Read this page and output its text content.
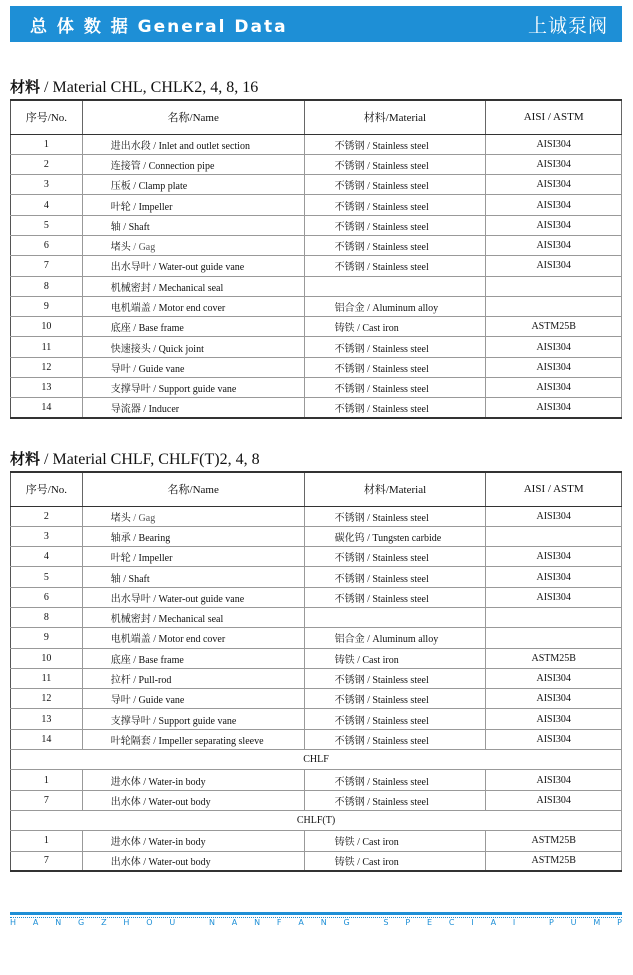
总 体 数 据 General Data	上诚泵阀
材料 / Material CHL, CHLK2, 4, 8, 16
序号/No.	名称/Name	材料/Material	AISI / ASTM
1	进出水段 / Inlet and outlet section	不锈钢 / Stainless steel	AISI304
2	连接管 / Connection pipe	不锈钢 / Stainless steel	AISI304
3	压板 / Clamp plate	不锈钢 / Stainless steel	AISI304
4	叶轮 / Impeller	不锈钢 / Stainless steel	AISI304
5	轴 / Shaft	不锈钢 / Stainless steel	AISI304
6	堵头 / Gag	不锈钢 / Stainless steel	AISI304
7	出水导叶 / Water-out guide vane	不锈钢 / Stainless steel	AISI304
8	机械密封 / Mechanical seal		
9	电机端盖 / Motor end cover	铝合金 / Aluminum alloy	
10	底座 / Base frame	铸铁 / Cast iron	ASTM25B
11	快速接头 / Quick joint	不锈钢 / Stainless steel	AISI304
12	导叶 / Guide vane	不锈钢 / Stainless steel	AISI304
13	支撑导叶 / Support guide vane	不锈钢 / Stainless steel	AISI304
14	导流器 / Inducer	不锈钢 / Stainless steel	AISI304
材料 / Material CHLF, CHLF(T)2, 4, 8
序号/No.	名称/Name	材料/Material	AISI / ASTM
2	堵头 / Gag	不锈钢 / Stainless steel	AISI304
3	轴承 / Bearing	碳化钨 / Tungsten carbide	
4	叶轮 / Impeller	不锈钢 / Stainless steel	AISI304
5	轴 / Shaft	不锈钢 / Stainless steel	AISI304
6	出水导叶 / Water-out guide vane	不锈钢 / Stainless steel	AISI304
8	机械密封 / Mechanical seal		
9	电机端盖 / Motor end cover	铝合金 / Aluminum alloy	
10	底座 / Base frame	铸铁 / Cast iron	ASTM25B
11	拉杆 / Pull-rod	不锈钢 / Stainless steel	AISI304
12	导叶 / Guide vane	不锈钢 / Stainless steel	AISI304
13	支撑导叶 / Support guide vane	不锈钢 / Stainless steel	AISI304
14	叶轮隔套 / Impeller separating sleeve	不锈钢 / Stainless steel	AISI304
CHLF			
1	进水体 / Water-in body	不锈钢 / Stainless steel	AISI304
7	出水体 / Water-out body	不锈钢 / Stainless steel	AISI304
CHLF(T)			
1	进水体 / Water-in body	铸铁 / Cast iron	ASTM25B
7	出水体 / Water-out body	铸铁 / Cast iron	ASTM25B
H A N G Z H O U	N A N F A N G	S P E C I A I	P U M P
